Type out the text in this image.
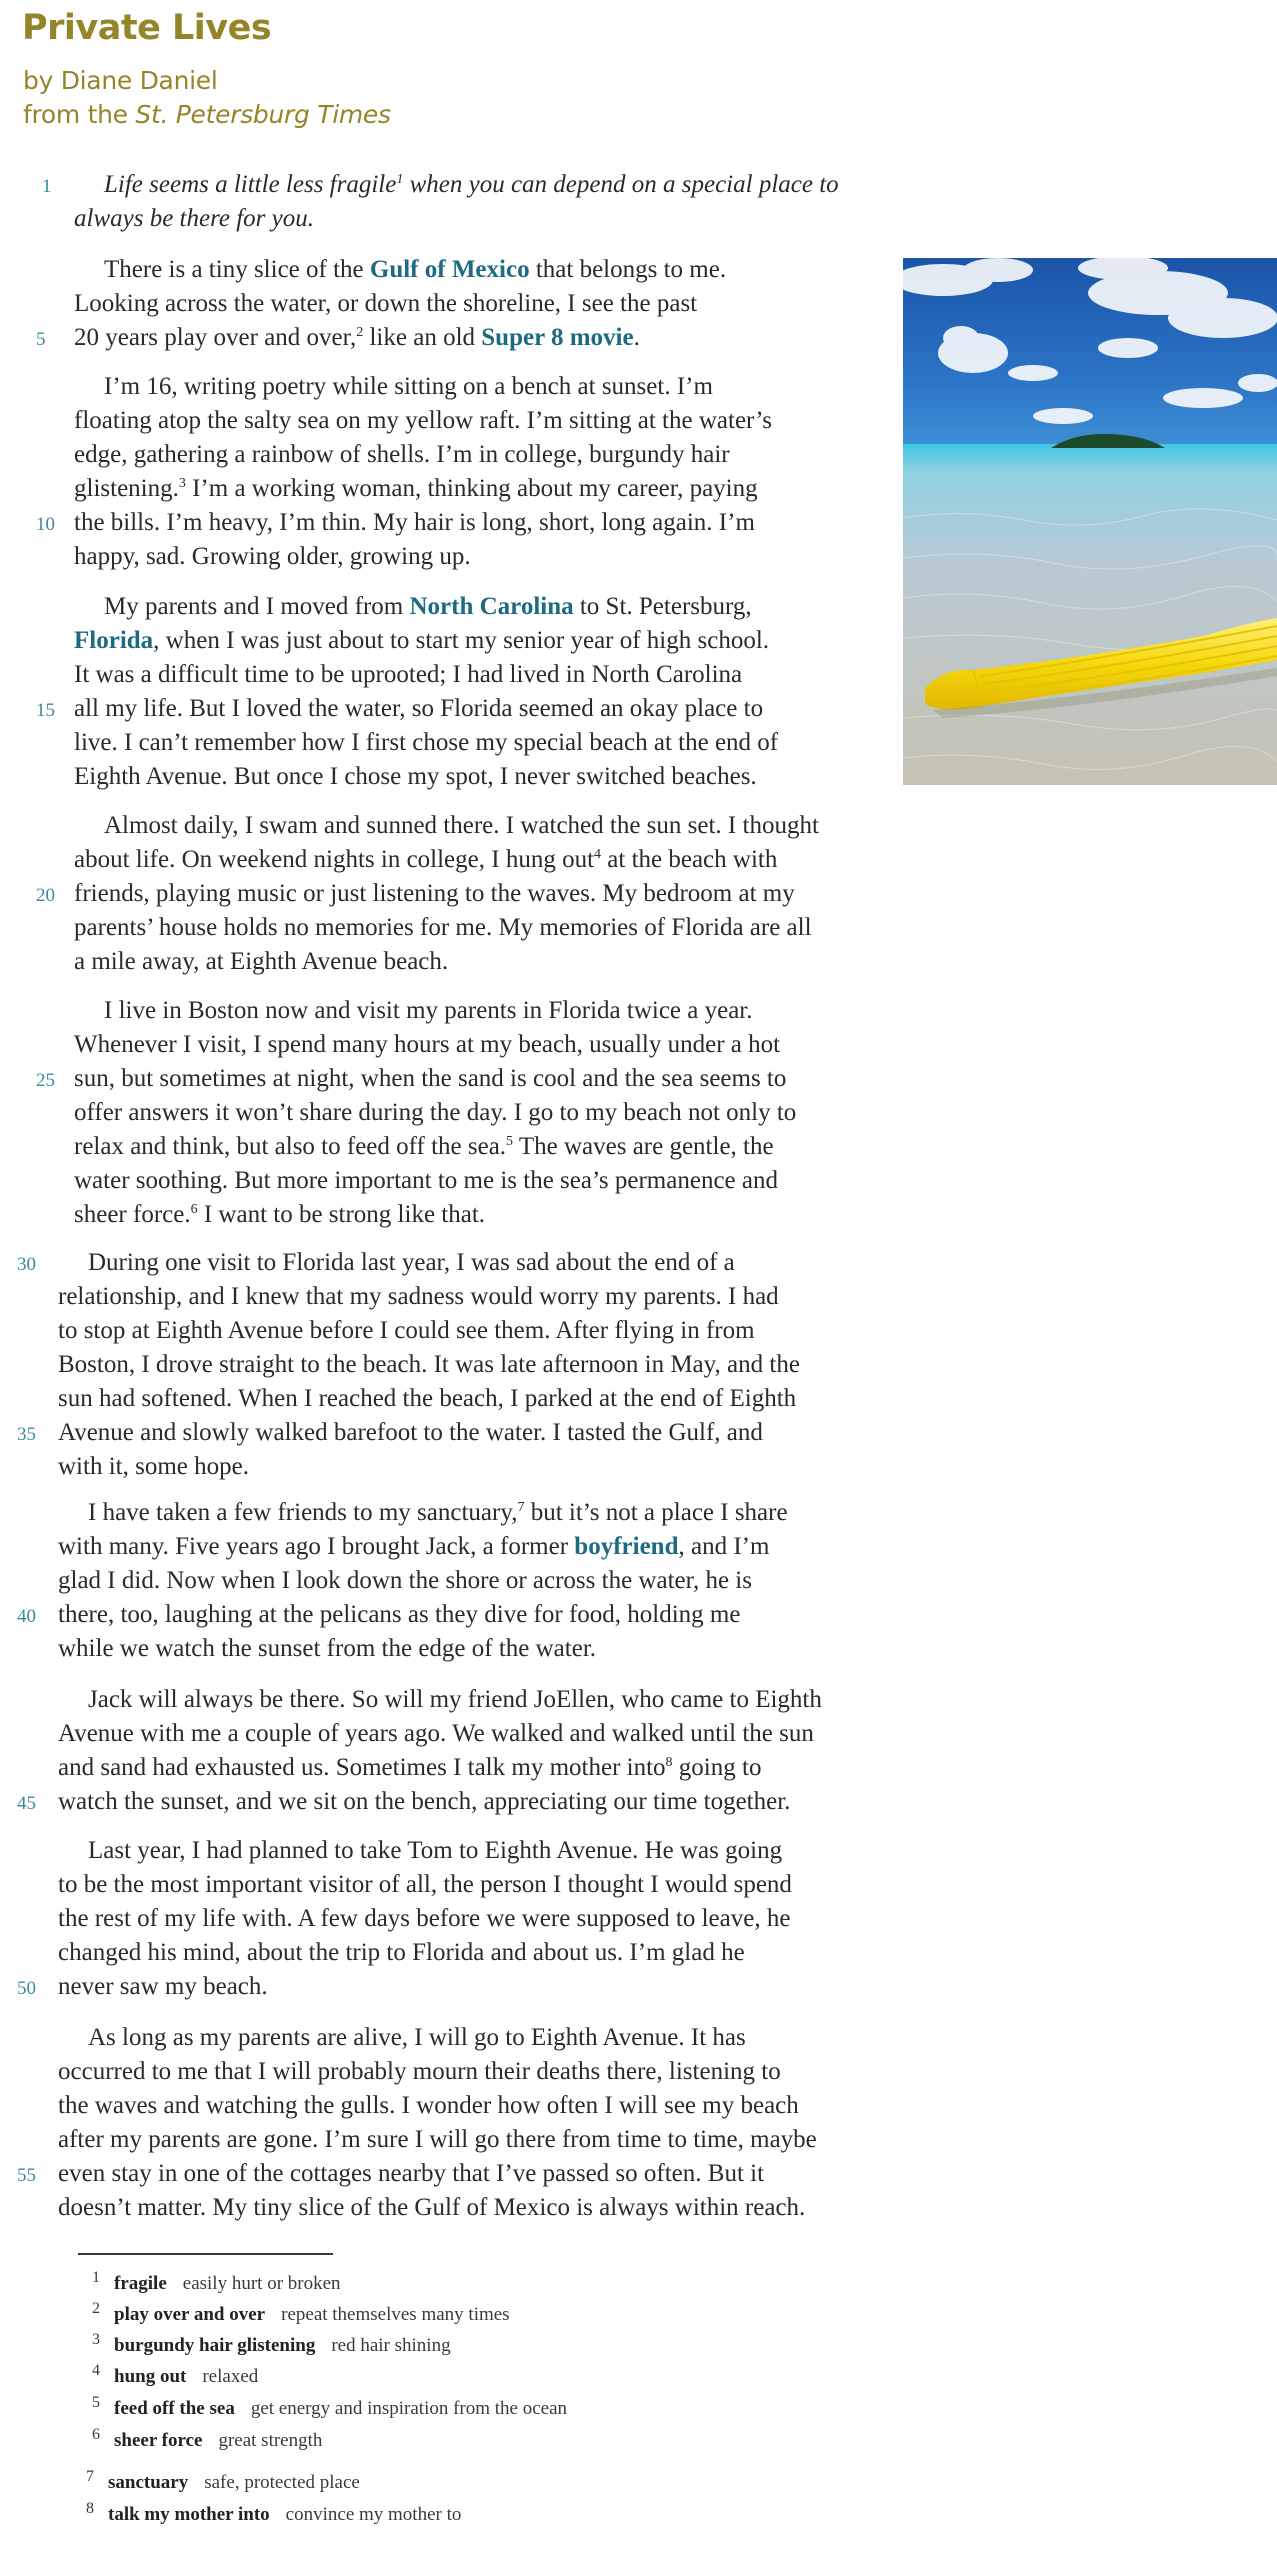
Private Lives
by Diane Daniel
from the St. Petersburg Times
Life seems a little less fragile$^1$ when you can depend on a special place to
1
always be there for you.
There is a tiny slice of the Gulf of Mexico that belongs to me.
Looking across the water, or down the shoreline, I see the past
20 years play over and over,$^2$ like an old Super 8 movie.
5
I’m 16, writing poetry while sitting on a bench at sunset. I’m
floating atop the salty sea on my yellow raft. I’m sitting at the water’s
edge, gathering a rainbow of shells. I’m in college, burgundy hair
glistening.$^3$ I’m a working woman, thinking about my career, paying
the bills. I’m heavy, I’m thin. My hair is long, short, long again. I’m
10
happy, sad. Growing older, growing up.
My parents and I moved from North Carolina to St. Petersburg,
Florida, when I was just about to start my senior year of high school.
It was a difficult time to be uprooted; I had lived in North Carolina
all my life. But I loved the water, so Florida seemed an okay place to
15
live. I can’t remember how I first chose my special beach at the end of
Eighth Avenue. But once I chose my spot, I never switched beaches.
Almost daily, I swam and sunned there. I watched the sun set. I thought
about life. On weekend nights in college, I hung out$^4$ at the beach with
friends, playing music or just listening to the waves. My bedroom at my
20
parents’ house holds no memories for me. My memories of Florida are all
a mile away, at Eighth Avenue beach.
I live in Boston now and visit my parents in Florida twice a year.
Whenever I visit, I spend many hours at my beach, usually under a hot
sun, but sometimes at night, when the sand is cool and the sea seems to
25
offer answers it won’t share during the day. I go to my beach not only to
relax and think, but also to feed off the sea.$^5$ The waves are gentle, the
water soothing. But more important to me is the sea’s permanence and
sheer force.$^6$ I want to be strong like that.
During one visit to Florida last year, I was sad about the end of a
30
relationship, and I knew that my sadness would worry my parents. I had
to stop at Eighth Avenue before I could see them. After flying in from
Boston, I drove straight to the beach. It was late afternoon in May, and the
sun had softened. When I reached the beach, I parked at the end of Eighth
Avenue and slowly walked barefoot to the water. I tasted the Gulf, and
35
with it, some hope.
I have taken a few friends to my sanctuary,$^7$ but it’s not a place I share
with many. Five years ago I brought Jack, a former boyfriend, and I’m
glad I did. Now when I look down the shore or across the water, he is
there, too, laughing at the pelicans as they dive for food, holding me
40
while we watch the sunset from the edge of the water.
Jack will always be there. So will my friend JoEllen, who came to Eighth
Avenue with me a couple of years ago. We walked and walked until the sun
and sand had exhausted us. Sometimes I talk my mother into$^8$ going to
watch the sunset, and we sit on the bench, appreciating our time together.
45
Last year, I had planned to take Tom to Eighth Avenue. He was going
to be the most important visitor of all, the person I thought I would spend
the rest of my life with. A few days before we were supposed to leave, he
changed his mind, about the trip to Florida and about us. I’m glad he
never saw my beach.
50
As long as my parents are alive, I will go to Eighth Avenue. It has
occurred to me that I will probably mourn their deaths there, listening to
the waves and watching the gulls. I wonder how often I will see my beach
after my parents are gone. I’m sure I will go there from time to time, maybe
even stay in one of the cottages nearby that I’ve passed so often. But it
55
doesn’t matter. My tiny slice of the Gulf of Mexico is always within reach.
1 fragile easily hurt or broken
2 play over and over repeat themselves many times
3 burgundy hair glistening red hair shining
4 hung out relaxed
5 feed off the sea get energy and inspiration from the ocean
6 sheer force great strength
7 sanctuary safe, protected place
8 talk my mother into convince my mother to
